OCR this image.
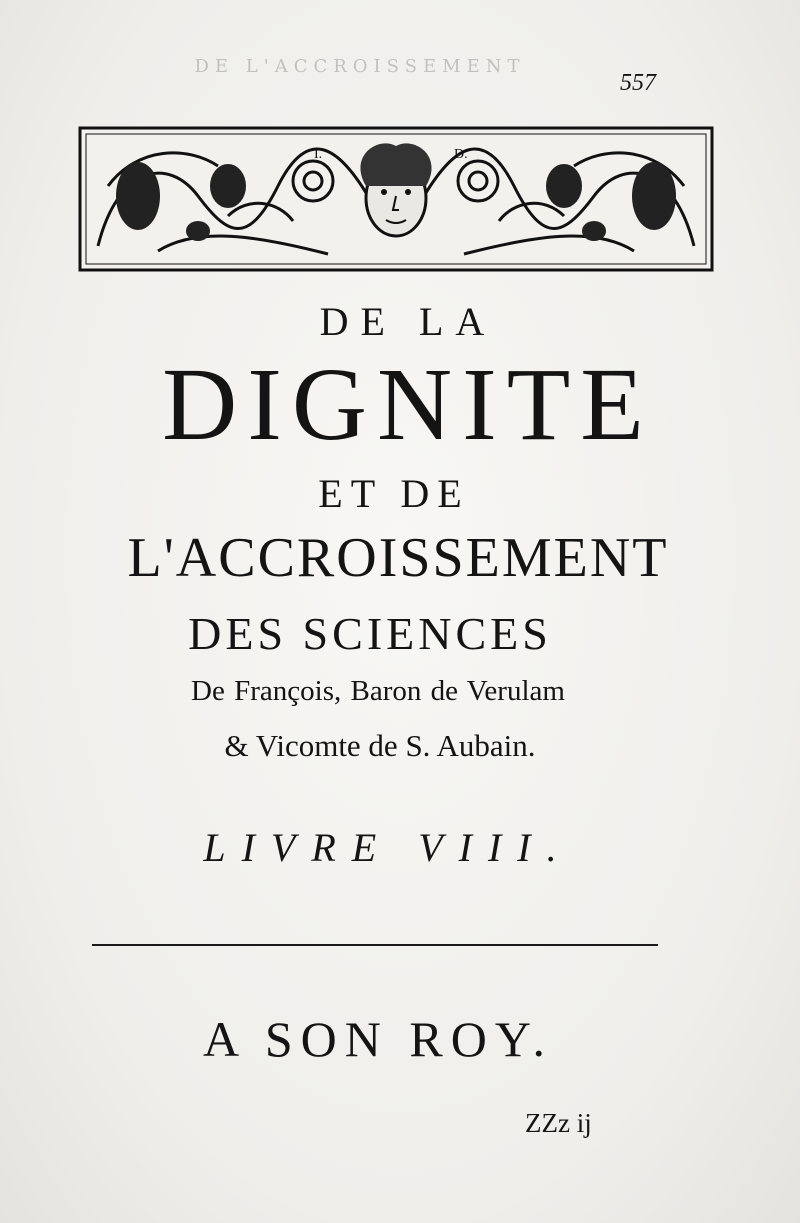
DE L'ACCROISSEMENT
557
I.	D.
DE LA
DIGNITE
ET DE
L'ACCROISSEMENT
DES SCIENCES
De François, Baron de Verulam
& Vicomte de S. Aubain.
LIVRE VIII.
A SON ROY.
ZZz ij
